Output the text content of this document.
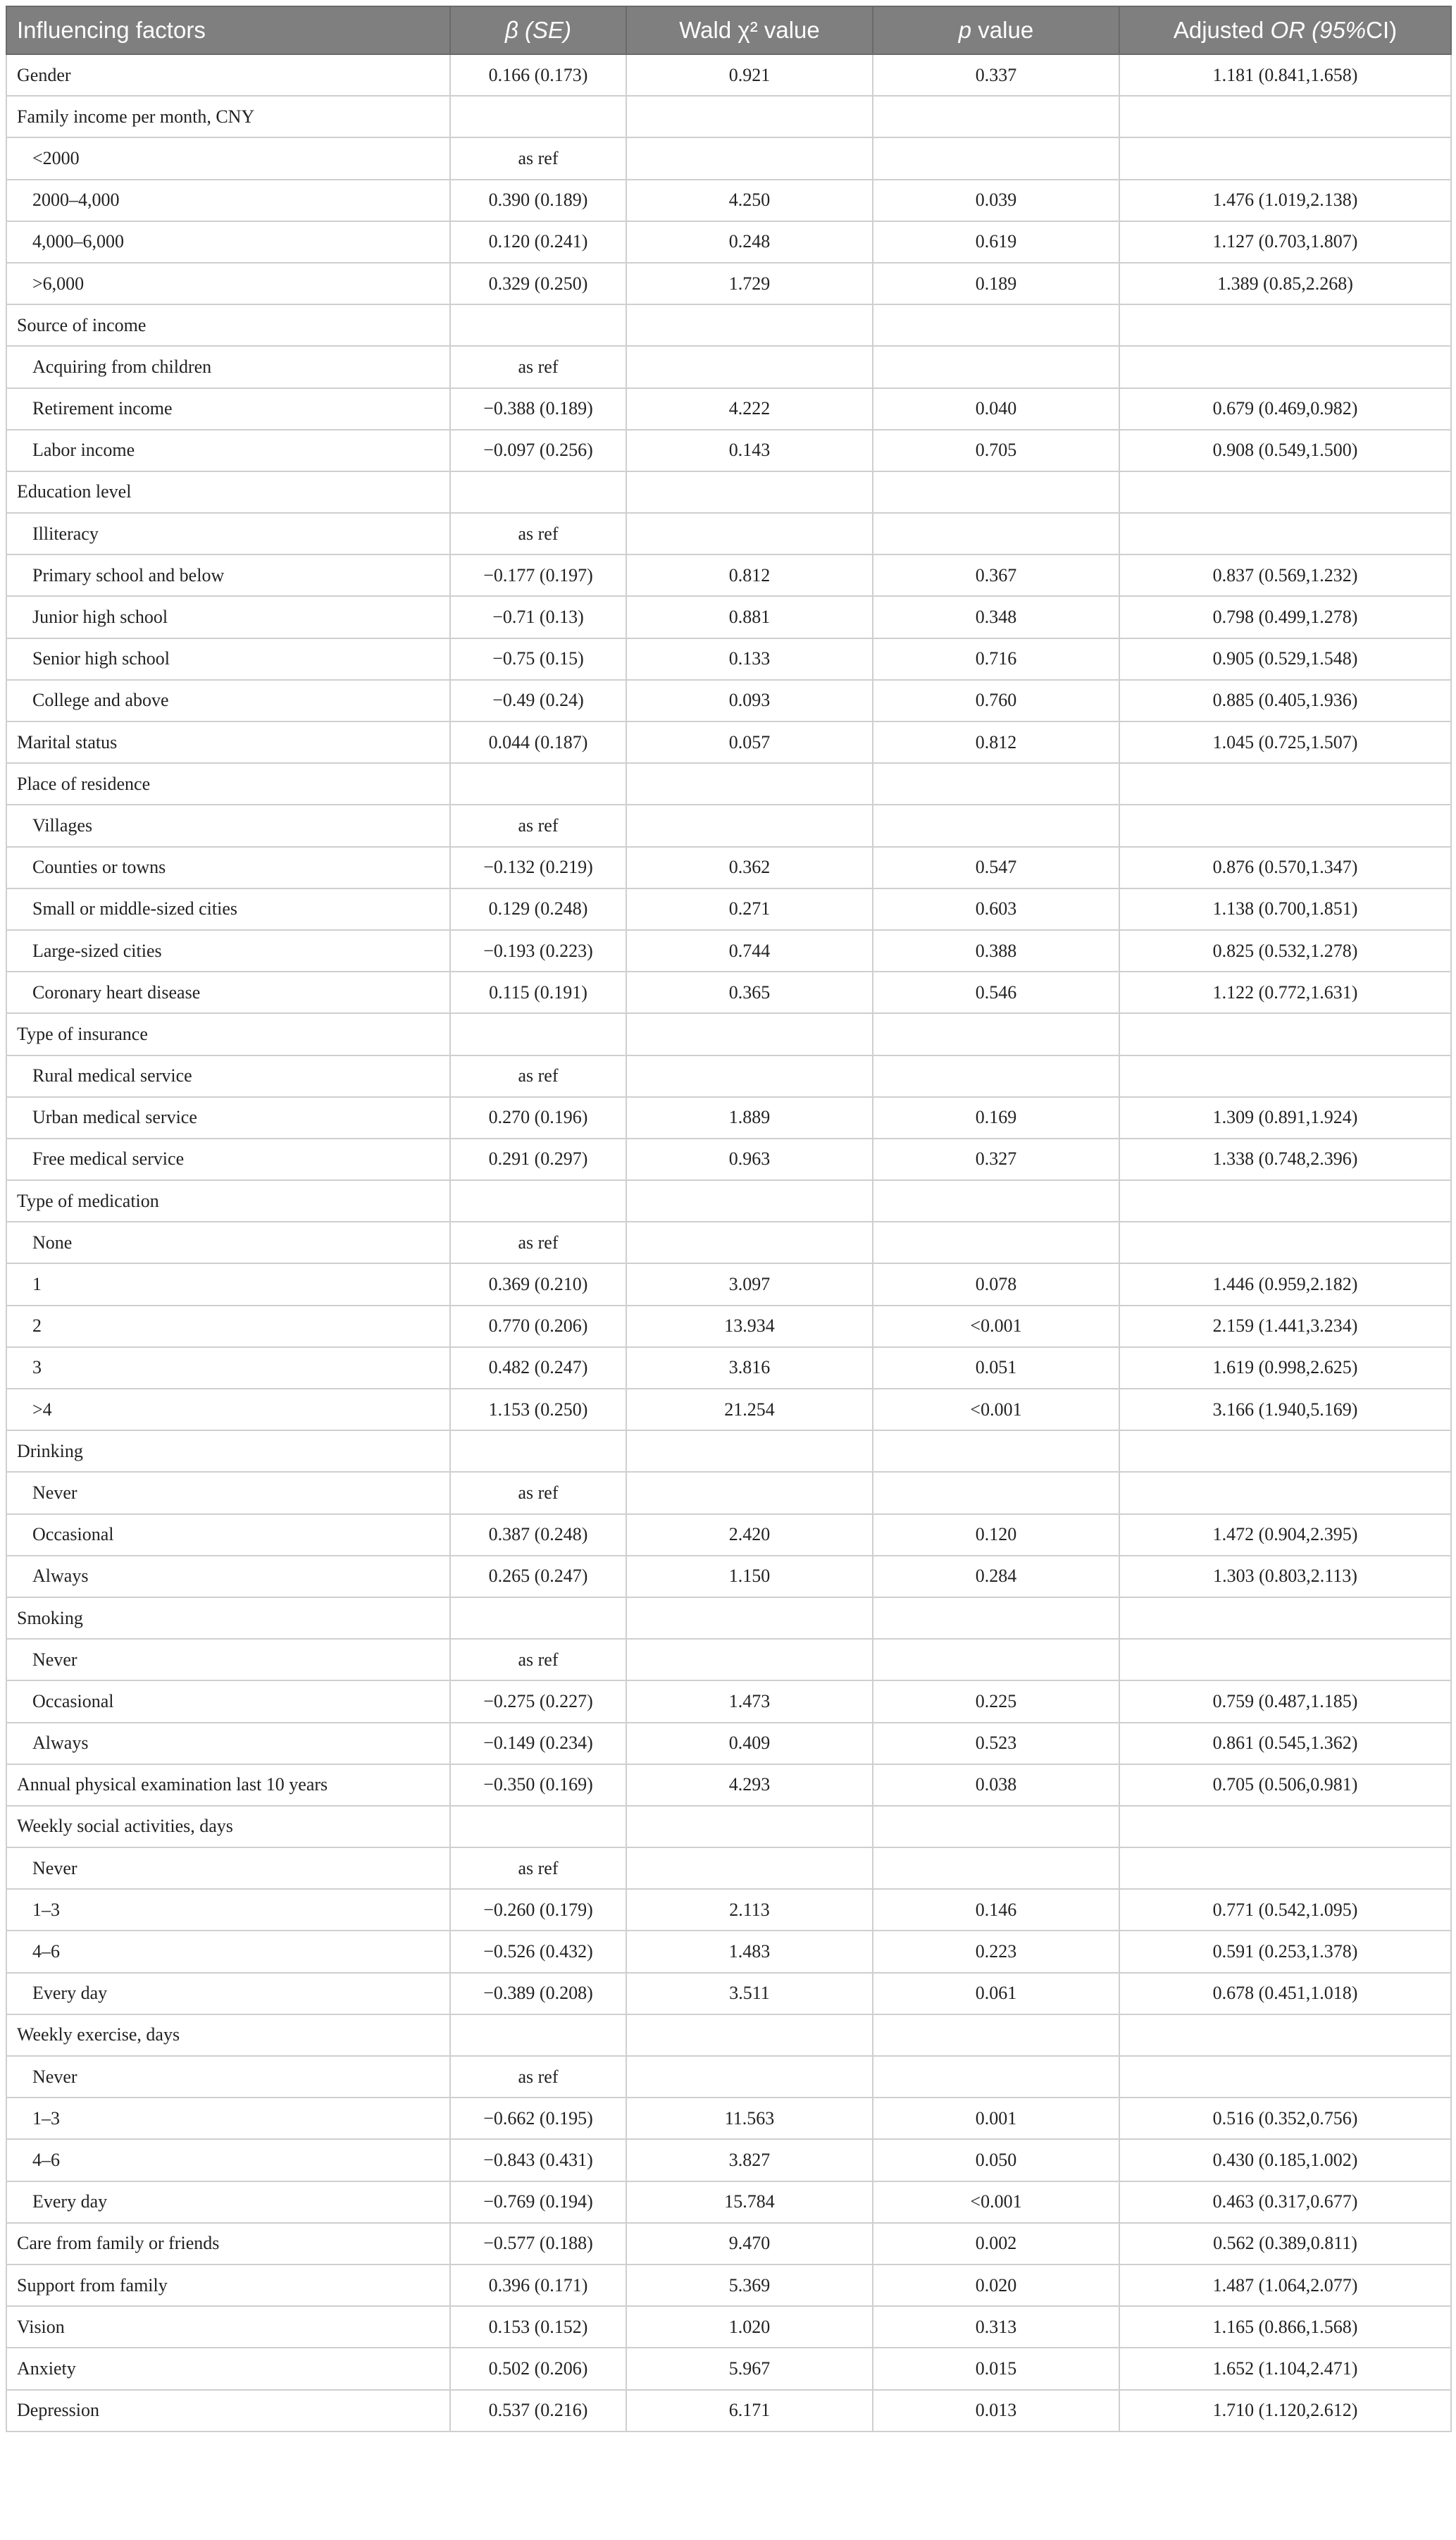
Influencing factors	β (SE)	Wald χ² value	p value	Adjusted OR (95%CI)
Gender	0.166 (0.173)	0.921	0.337	1.181 (0.841,1.658)
Family income per month, CNY				
<2000	as ref			
2000–4,000	0.390 (0.189)	4.250	0.039	1.476 (1.019,2.138)
4,000–6,000	0.120 (0.241)	0.248	0.619	1.127 (0.703,1.807)
>6,000	0.329 (0.250)	1.729	0.189	1.389 (0.85,2.268)
Source of income				
Acquiring from children	as ref			
Retirement income	−0.388 (0.189)	4.222	0.040	0.679 (0.469,0.982)
Labor income	−0.097 (0.256)	0.143	0.705	0.908 (0.549,1.500)
Education level				
Illiteracy	as ref			
Primary school and below	−0.177 (0.197)	0.812	0.367	0.837 (0.569,1.232)
Junior high school	−0.71 (0.13)	0.881	0.348	0.798 (0.499,1.278)
Senior high school	−0.75 (0.15)	0.133	0.716	0.905 (0.529,1.548)
College and above	−0.49 (0.24)	0.093	0.760	0.885 (0.405,1.936)
Marital status	0.044 (0.187)	0.057	0.812	1.045 (0.725,1.507)
Place of residence				
Villages	as ref			
Counties or towns	−0.132 (0.219)	0.362	0.547	0.876 (0.570,1.347)
Small or middle-sized cities	0.129 (0.248)	0.271	0.603	1.138 (0.700,1.851)
Large-sized cities	−0.193 (0.223)	0.744	0.388	0.825 (0.532,1.278)
Coronary heart disease	0.115 (0.191)	0.365	0.546	1.122 (0.772,1.631)
Type of insurance				
Rural medical service	as ref			
Urban medical service	0.270 (0.196)	1.889	0.169	1.309 (0.891,1.924)
Free medical service	0.291 (0.297)	0.963	0.327	1.338 (0.748,2.396)
Type of medication				
None	as ref			
1	0.369 (0.210)	3.097	0.078	1.446 (0.959,2.182)
2	0.770 (0.206)	13.934	<0.001	2.159 (1.441,3.234)
3	0.482 (0.247)	3.816	0.051	1.619 (0.998,2.625)
>4	1.153 (0.250)	21.254	<0.001	3.166 (1.940,5.169)
Drinking				
Never	as ref			
Occasional	0.387 (0.248)	2.420	0.120	1.472 (0.904,2.395)
Always	0.265 (0.247)	1.150	0.284	1.303 (0.803,2.113)
Smoking				
Never	as ref			
Occasional	−0.275 (0.227)	1.473	0.225	0.759 (0.487,1.185)
Always	−0.149 (0.234)	0.409	0.523	0.861 (0.545,1.362)
Annual physical examination last 10 years	−0.350 (0.169)	4.293	0.038	0.705 (0.506,0.981)
Weekly social activities, days				
Never	as ref			
1–3	−0.260 (0.179)	2.113	0.146	0.771 (0.542,1.095)
4–6	−0.526 (0.432)	1.483	0.223	0.591 (0.253,1.378)
Every day	−0.389 (0.208)	3.511	0.061	0.678 (0.451,1.018)
Weekly exercise, days				
Never	as ref			
1–3	−0.662 (0.195)	11.563	0.001	0.516 (0.352,0.756)
4–6	−0.843 (0.431)	3.827	0.050	0.430 (0.185,1.002)
Every day	−0.769 (0.194)	15.784	<0.001	0.463 (0.317,0.677)
Care from family or friends	−0.577 (0.188)	9.470	0.002	0.562 (0.389,0.811)
Support from family	0.396 (0.171)	5.369	0.020	1.487 (1.064,2.077)
Vision	0.153 (0.152)	1.020	0.313	1.165 (0.866,1.568)
Anxiety	0.502 (0.206)	5.967	0.015	1.652 (1.104,2.471)
Depression	0.537 (0.216)	6.171	0.013	1.710 (1.120,2.612)
